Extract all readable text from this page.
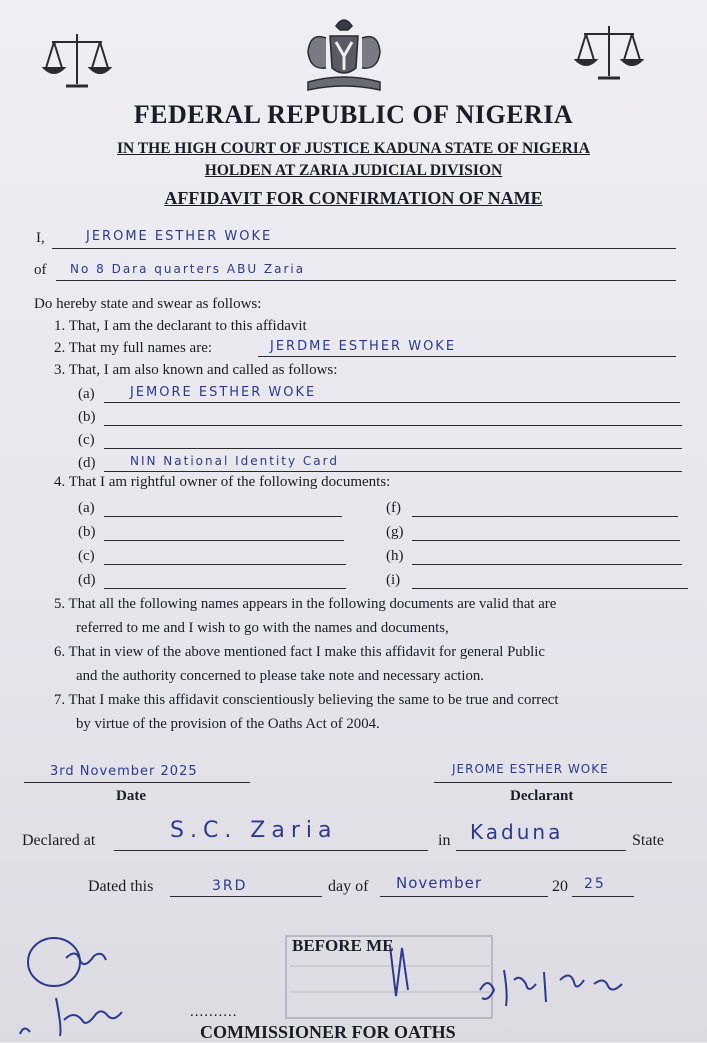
FEDERAL REPUBLIC OF NIGERIA
IN THE HIGH COURT OF JUSTICE KADUNA STATE OF NIGERIA
HOLDEN AT ZARIA JUDICIAL DIVISION
AFFIDAVIT FOR CONFIRMATION OF NAME
I,	JEROME ESTHER WOKE
of No 8 Dara quarters ABU Zaria
Do hereby state and swear as follows:
1. That, I am the declarant to this affidavit
2. That my full names are:	JERDME ESTHER WOKE
3. That, I am also known and called as follows:
(a)	JEMORE ESTHER WOKE
(b)
(c)
(d)	NIN National Identity Card
4. That I am rightful owner of the following documents:
(a)	(f)
(b)	(g)
(c)	(h)
(d)	(i)
5. That all the following names appears in the following documents are valid that are
referred to me and I wish to go with the names and documents,
6. That in view of the above mentioned fact I make this affidavit for general Public
and the authority concerned to please take note and necessary action.
7. That I make this affidavit conscientiously believing the same to be true and correct
by virtue of the provision of the Oaths Act of 2004.
3rd November 2025
Date
JEROME ESTHER WOKE
Declarant
Declared at	S.C. Zaria	in Kaduna	State
Dated this	3RD	day of November	20 25
BEFORE ME
..........
COMMISSIONER FOR OATHS
